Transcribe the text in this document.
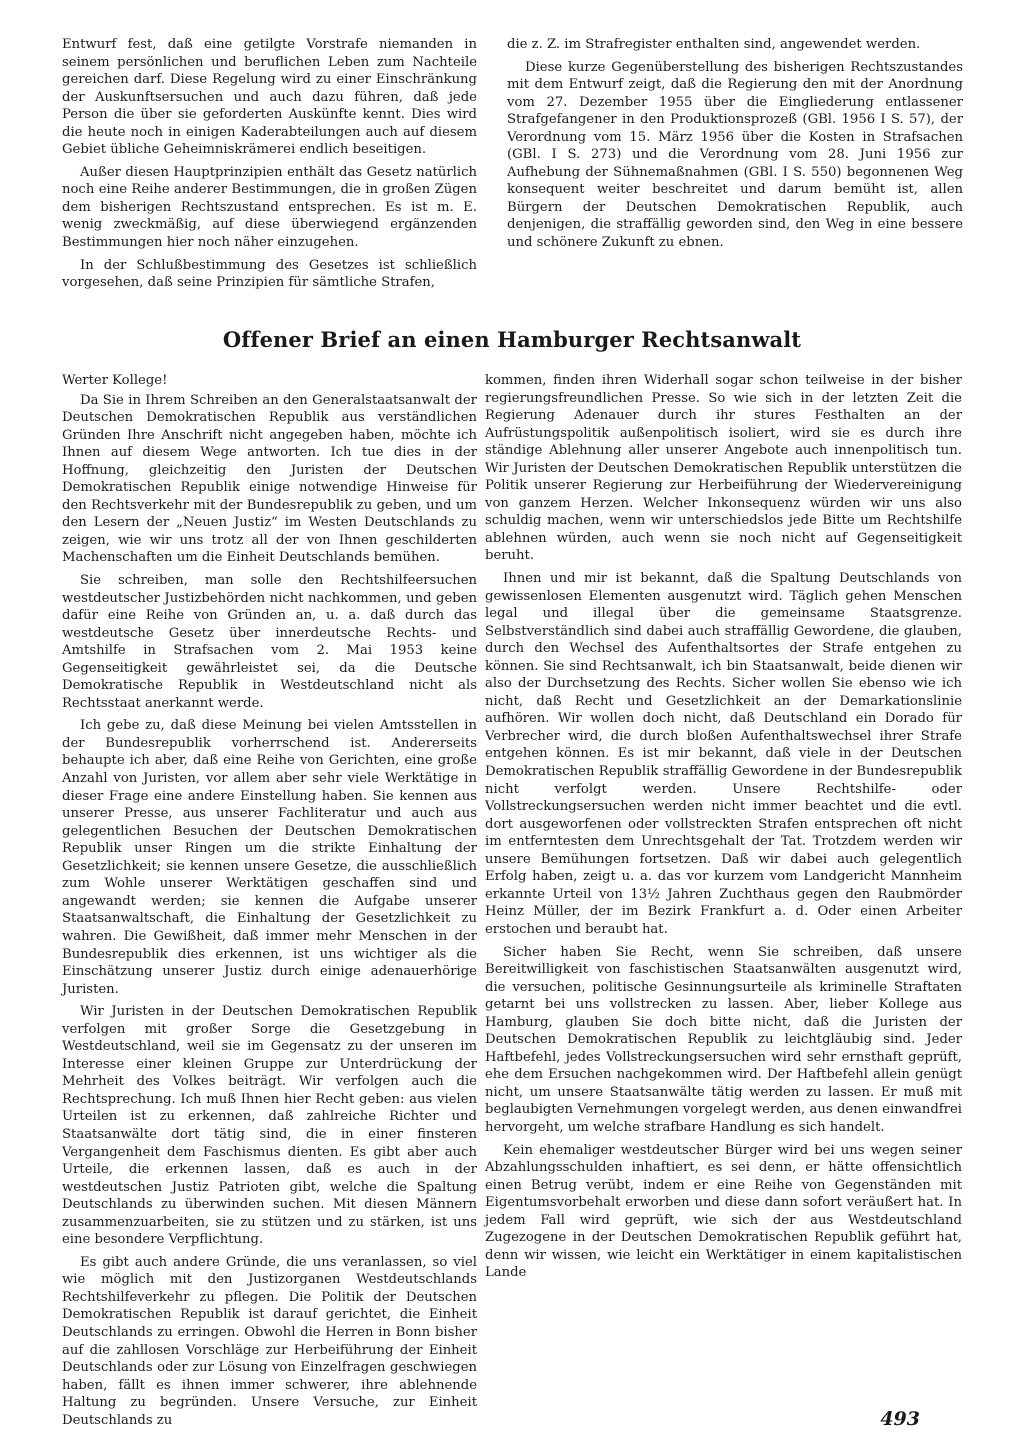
Entwurf fest, daß eine getilgte Vorstrafe niemanden in seinem persönlichen und beruflichen Leben zum Nachteile gereichen darf. Diese Regelung wird zu einer Einschränkung der Auskunftsersuchen und auch dazu führen, daß jede Person die über sie geforderten Auskünfte kennt. Dies wird die heute noch in einigen Kaderabteilungen auch auf diesem Gebiet übliche Geheimniskrämerei endlich beseitigen.

Außer diesen Hauptprinzipien enthält das Gesetz natürlich noch eine Reihe anderer Bestimmungen, die in großen Zügen dem bisherigen Rechtszustand entsprechen. Es ist m. E. wenig zweckmäßig, auf diese überwiegend ergänzenden Bestimmungen hier noch näher einzugehen.

In der Schlußbestimmung des Gesetzes ist schließlich vorgesehen, daß seine Prinzipien für sämtliche Strafen,

die z. Z. im Strafregister enthalten sind, angewendet werden.

Diese kurze Gegenüberstellung des bisherigen Rechtszustandes mit dem Entwurf zeigt, daß die Regierung den mit der Anordnung vom 27. Dezember 1955 über die Eingliederung entlassener Strafgefangener in den Produktionsprozeß (GBl. 1956 I S. 57), der Verordnung vom 15. März 1956 über die Kosten in Strafsachen (GBl. I S. 273) und die Verordnung vom 28. Juni 1956 zur Aufhebung der Sühnemaßnahmen (GBl. I S. 550) begonnenen Weg konsequent weiter beschreitet und darum bemüht ist, allen Bürgern der Deutschen Demokratischen Republik, auch denjenigen, die straffällig geworden sind, den Weg in eine bessere und schönere Zukunft zu ebnen.

Offener Brief an einen Hamburger Rechtsanwalt

Werter Kollege!

Da Sie in Ihrem Schreiben an den Generalstaatsanwalt der Deutschen Demokratischen Republik aus verständlichen Gründen Ihre Anschrift nicht angegeben haben, möchte ich Ihnen auf diesem Wege antworten. Ich tue dies in der Hoffnung, gleichzeitig den Juristen der Deutschen Demokratischen Republik einige notwendige Hinweise für den Rechtsverkehr mit der Bundesrepublik zu geben, und um den Lesern der „Neuen Justiz“ im Westen Deutschlands zu zeigen, wie wir uns trotz all der von Ihnen geschilderten Machenschaften um die Einheit Deutschlands bemühen.

Sie schreiben, man solle den Rechtshilfeersuchen westdeutscher Justizbehörden nicht nachkommen, und geben dafür eine Reihe von Gründen an, u. a. daß durch das westdeutsche Gesetz über innerdeutsche Rechts- und Amtshilfe in Strafsachen vom 2. Mai 1953 keine Gegenseitigkeit gewährleistet sei, da die Deutsche Demokratische Republik in Westdeutschland nicht als Rechtsstaat anerkannt werde.

Ich gebe zu, daß diese Meinung bei vielen Amtsstellen in der Bundesrepublik vorherrschend ist. Andererseits behaupte ich aber, daß eine Reihe von Gerichten, eine große Anzahl von Juristen, vor allem aber sehr viele Werktätige in dieser Frage eine andere Einstellung haben. Sie kennen aus unserer Presse, aus unserer Fachliteratur und auch aus gelegentlichen Besuchen der Deutschen Demokratischen Republik unser Ringen um die strikte Einhaltung der Gesetzlichkeit; sie kennen unsere Gesetze, die ausschließlich zum Wohle unserer Werktätigen geschaffen sind und angewandt werden; sie kennen die Aufgabe unserer Staatsanwaltschaft, die Einhaltung der Gesetzlichkeit zu wahren. Die Gewißheit, daß immer mehr Menschen in der Bundesrepublik dies erkennen, ist uns wichtiger als die Einschätzung unserer Justiz durch einige adenauerhörige Juristen.

Wir Juristen in der Deutschen Demokratischen Republik verfolgen mit großer Sorge die Gesetzgebung in Westdeutschland, weil sie im Gegensatz zu der unseren im Interesse einer kleinen Gruppe zur Unterdrückung der Mehrheit des Volkes beiträgt. Wir verfolgen auch die Rechtsprechung. Ich muß Ihnen hier Recht geben: aus vielen Urteilen ist zu erkennen, daß zahlreiche Richter und Staatsanwälte dort tätig sind, die in einer finsteren Vergangenheit dem Faschismus dienten. Es gibt aber auch Urteile, die erkennen lassen, daß es auch in der westdeutschen Justiz Patrioten gibt, welche die Spaltung Deutschlands zu überwinden suchen. Mit diesen Männern zusammenzuarbeiten, sie zu stützen und zu stärken, ist uns eine besondere Verpflichtung.

Es gibt auch andere Gründe, die uns veranlassen, so viel wie möglich mit den Justizorganen Westdeutschlands Rechtshilfeverkehr zu pflegen. Die Politik der Deutschen Demokratischen Republik ist darauf gerichtet, die Einheit Deutschlands zu erringen. Obwohl die Herren in Bonn bisher auf die zahllosen Vorschläge zur Herbeiführung der Einheit Deutschlands oder zur Lösung von Einzelfragen geschwiegen haben, fällt es ihnen immer schwerer, ihre ablehnende Haltung zu begründen. Unsere Versuche, zur Einheit Deutschlands zu

kommen, finden ihren Widerhall sogar schon teilweise in der bisher regierungsfreundlichen Presse. So wie sich in der letzten Zeit die Regierung Adenauer durch ihr stures Festhalten an der Aufrüstungspolitik außenpolitisch isoliert, wird sie es durch ihre ständige Ablehnung aller unserer Angebote auch innenpolitisch tun. Wir Juristen der Deutschen Demokratischen Republik unterstützen die Politik unserer Regierung zur Herbeiführung der Wiedervereinigung von ganzem Herzen. Welcher Inkonsequenz würden wir uns also schuldig machen, wenn wir unterschiedslos jede Bitte um Rechtshilfe ablehnen würden, auch wenn sie noch nicht auf Gegenseitigkeit beruht.

Ihnen und mir ist bekannt, daß die Spaltung Deutschlands von gewissenlosen Elementen ausgenutzt wird. Täglich gehen Menschen legal und illegal über die gemeinsame Staatsgrenze. Selbstverständlich sind dabei auch straffällig Gewordene, die glauben, durch den Wechsel des Aufenthaltsortes der Strafe entgehen zu können. Sie sind Rechtsanwalt, ich bin Staatsanwalt, beide dienen wir also der Durchsetzung des Rechts. Sicher wollen Sie ebenso wie ich nicht, daß Recht und Gesetzlichkeit an der Demarkationslinie aufhören. Wir wollen doch nicht, daß Deutschland ein Dorado für Verbrecher wird, die durch bloßen Aufenthaltswechsel ihrer Strafe entgehen können. Es ist mir bekannt, daß viele in der Deutschen Demokratischen Republik straffällig Gewordene in der Bundesrepublik nicht verfolgt werden. Unsere Rechtshilfe- oder Vollstreckungsersuchen werden nicht immer beachtet und die evtl. dort ausgeworfenen oder vollstreckten Strafen entsprechen oft nicht im entferntesten dem Unrechtsgehalt der Tat. Trotzdem werden wir unsere Bemühungen fortsetzen. Daß wir dabei auch gelegentlich Erfolg haben, zeigt u. a. das vor kurzem vom Landgericht Mannheim erkannte Urteil von 13½ Jahren Zuchthaus gegen den Raubmörder Heinz Müller, der im Bezirk Frankfurt a. d. Oder einen Arbeiter erstochen und beraubt hat.

Sicher haben Sie Recht, wenn Sie schreiben, daß unsere Bereitwilligkeit von faschistischen Staatsanwälten ausgenutzt wird, die versuchen, politische Gesinnungsurteile als kriminelle Straftaten getarnt bei uns vollstrecken zu lassen. Aber, lieber Kollege aus Hamburg, glauben Sie doch bitte nicht, daß die Juristen der Deutschen Demokratischen Republik zu leichtgläubig sind. Jeder Haftbefehl, jedes Vollstreckungsersuchen wird sehr ernsthaft geprüft, ehe dem Ersuchen nachgekommen wird. Der Haftbefehl allein genügt nicht, um unsere Staatsanwälte tätig werden zu lassen. Er muß mit beglaubigten Vernehmungen vorgelegt werden, aus denen einwandfrei hervorgeht, um welche strafbare Handlung es sich handelt.

Kein ehemaliger westdeutscher Bürger wird bei uns wegen seiner Abzahlungsschulden inhaftiert, es sei denn, er hätte offensichtlich einen Betrug verübt, indem er eine Reihe von Gegenständen mit Eigentumsvorbehalt erworben und diese dann sofort veräußert hat. In jedem Fall wird geprüft, wie sich der aus Westdeutschland Zugezogene in der Deutschen Demokratischen Republik geführt hat, denn wir wissen, wie leicht ein Werktätiger in einem kapitalistischen Lande

493
